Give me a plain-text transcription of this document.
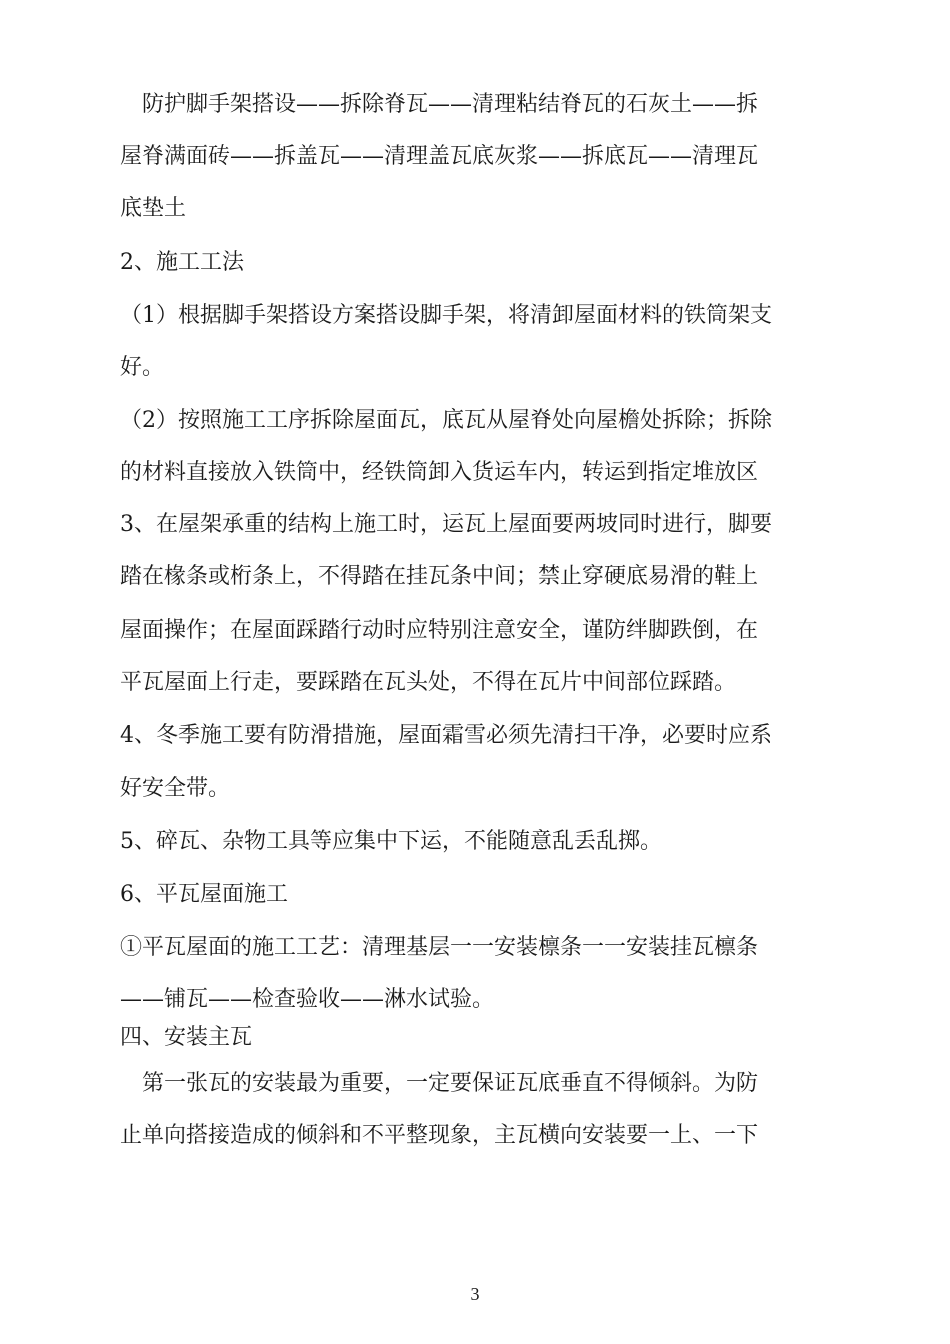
　防护脚手架搭设——拆除脊瓦——清理粘结脊瓦的石灰土——拆
屋脊满面砖——拆盖瓦——清理盖瓦底灰浆——拆底瓦——清理瓦
底垫土
2、施工工法
（1）根据脚手架搭设方案搭设脚手架，将清卸屋面材料的铁筒架支
好。
（2）按照施工工序拆除屋面瓦，底瓦从屋脊处向屋檐处拆除；拆除
的材料直接放入铁筒中，经铁筒卸入货运车内，转运到指定堆放区
3、在屋架承重的结构上施工时，运瓦上屋面要两坡同时进行，脚要
踏在椽条或桁条上，不得踏在挂瓦条中间；禁止穿硬底易滑的鞋上
屋面操作；在屋面踩踏行动时应特别注意安全，谨防绊脚跌倒，在
平瓦屋面上行走，要踩踏在瓦头处，不得在瓦片中间部位踩踏。
4、冬季施工要有防滑措施，屋面霜雪必须先清扫干净，必要时应系
好安全带。
5、碎瓦、杂物工具等应集中下运，不能随意乱丢乱掷。
6、平瓦屋面施工
①平瓦屋面的施工工艺：清理基层一一安装檩条一一安装挂瓦檩条
——铺瓦——检查验收——淋水试验。
四、安装主瓦
　第一张瓦的安装最为重要，一定要保证瓦底垂直不得倾斜。为防
止单向搭接造成的倾斜和不平整现象，主瓦横向安装要一上、一下
3
